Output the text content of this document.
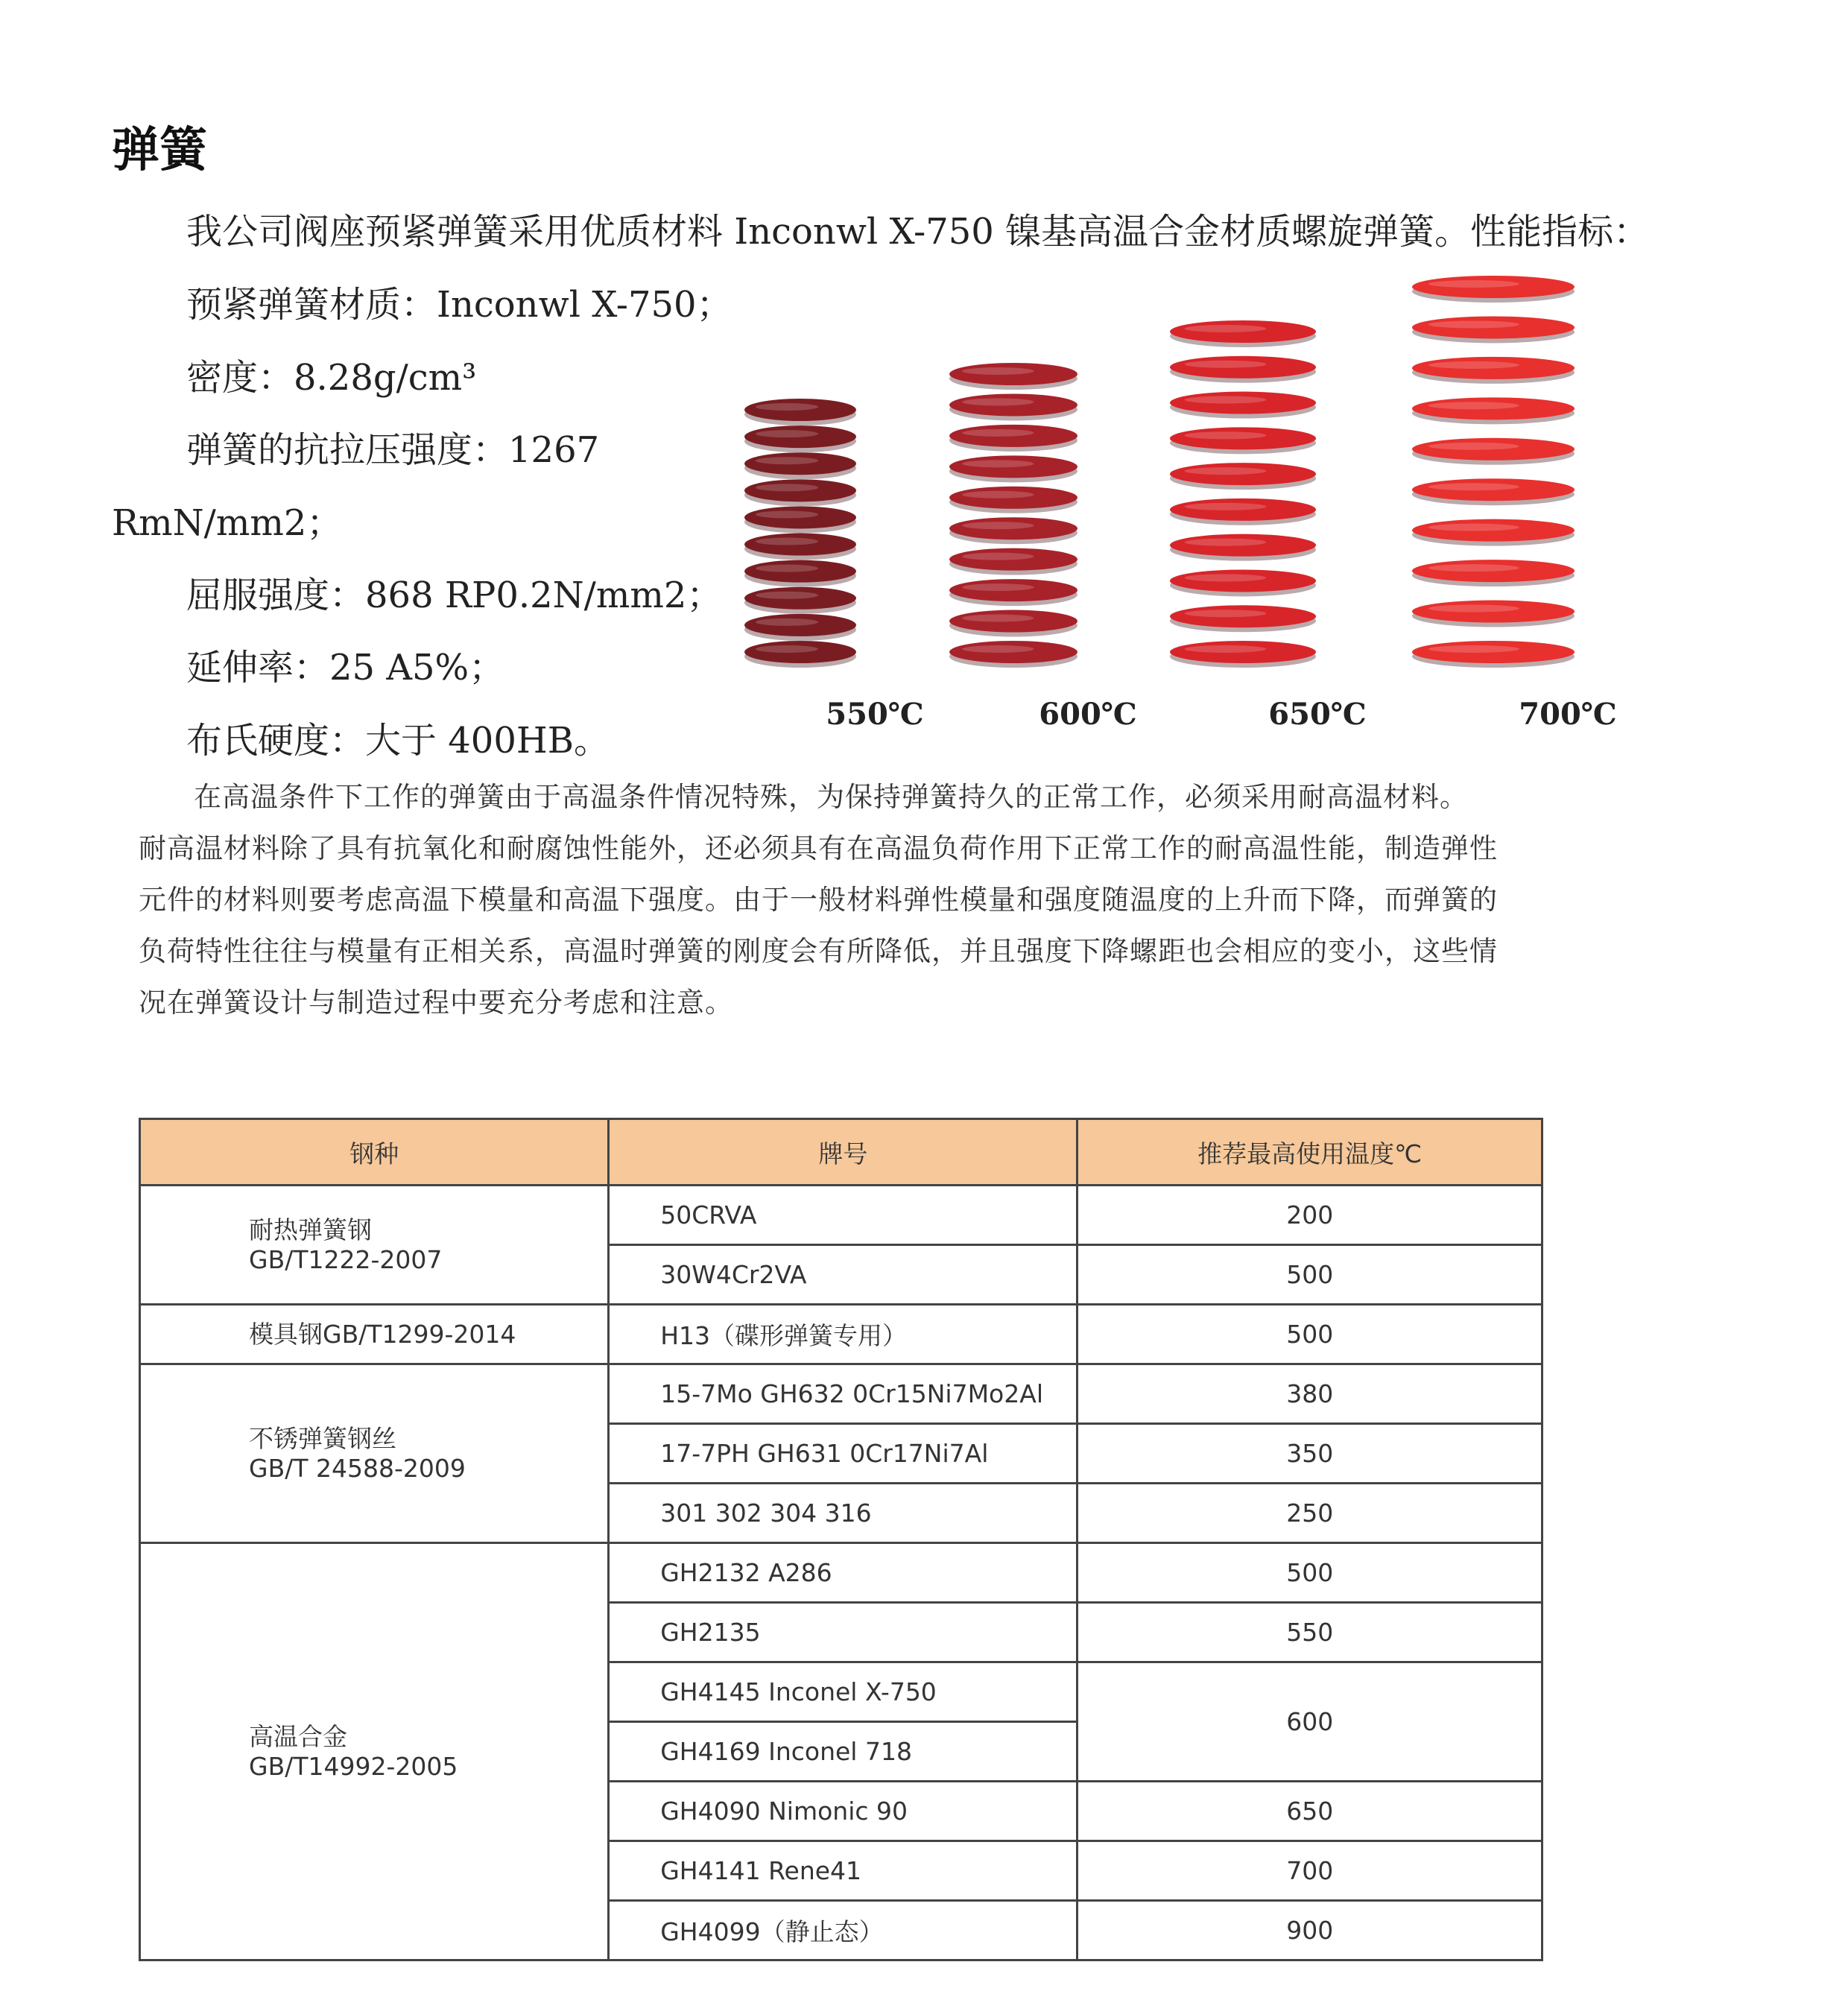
弹簧
我公司阀座预紧弹簧采用优质材料 Inconwl X-750 镍基高温合金材质螺旋弹簧。性能指标：
预紧弹簧材质：Inconwl X-750；
密度：8.28g/cm³
弹簧的抗拉压强度：1267
RmN/mm2；
屈服强度：868 RP0.2N/mm2；
延伸率：25 A5%；
布氏硬度：大于 400HB。
550℃	600℃	650℃	700℃

在高温条件下工作的弹簧由于高温条件情况特殊，为保持弹簧持久的正常工作，必须采用耐高温材料。

耐高温材料除了具有抗氧化和耐腐蚀性能外，还必须具有在高温负荷作用下正常工作的耐高温性能，制造弹性

元件的材料则要考虑高温下模量和高温下强度。由于一般材料弹性模量和强度随温度的上升而下降，而弹簧的

负荷特性往往与模量有正相关系，高温时弹簧的刚度会有所降低，并且强度下降螺距也会相应的变小，这些情

况在弹簧设计与制造过程中要充分考虑和注意。

钢种	牌号	推荐最高使用温度℃

耐热弹簧钢
GB/T1222-2007	50CRVA	200
	30W4Cr2VA	500

模具钢GB/T1299-2014	H13（碟形弹簧专用）	500

不锈弹簧钢丝
GB/T 24588-2009	15-7Mo GH632 0Cr15Ni7Mo2Al	380
	17-7PH GH631 0Cr17Ni7Al	350
	301 302 304 316	250

高温合金
GB/T14992-2005	GH2132 A286	500
	GH2135	550
	GH4145 Inconel X-750	600
	GH4169 Inconel 718	
	GH4090 Nimonic 90	650
	GH4141 Rene41	700
	GH4099（静止态）	900
